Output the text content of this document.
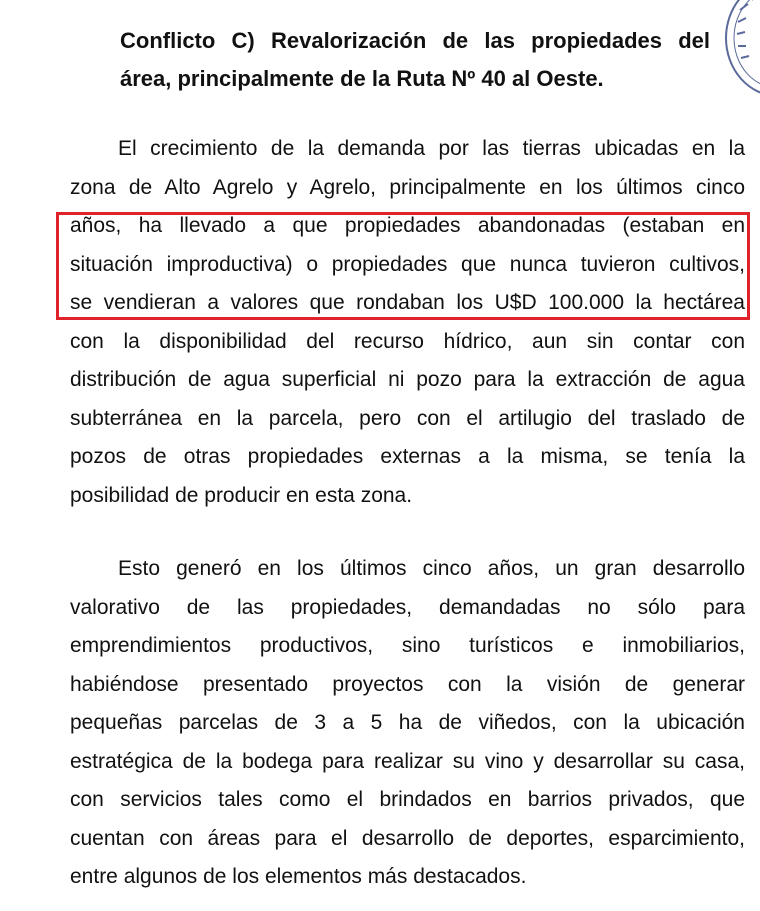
Conflicto C) Revalorización de las propiedades del
área, principalmente de la Ruta Nº 40 al Oeste.
El crecimiento de la demanda por las tierras ubicadas en la
zona de Alto Agrelo y Agrelo, principalmente en los últimos cinco
años, ha llevado a que propiedades abandonadas (estaban en
situación improductiva) o propiedades que nunca tuvieron cultivos,
se vendieran a valores que rondaban los U$D 100.000 la hectárea
con la disponibilidad del recurso hídrico, aun sin contar con
distribución de agua superficial ni pozo para la extracción de agua
subterránea en la parcela, pero con el artilugio del traslado de
pozos de otras propiedades externas a la misma, se tenía la
posibilidad de producir en esta zona.
Esto generó en los últimos cinco años, un gran desarrollo
valorativo de las propiedades, demandadas no sólo para
emprendimientos productivos, sino turísticos e inmobiliarios,
habiéndose presentado proyectos con la visión de generar
pequeñas parcelas de 3 a 5 ha de viñedos, con la ubicación
estratégica de la bodega para realizar su vino y desarrollar su casa,
con servicios tales como el brindados en barrios privados, que
cuentan con áreas para el desarrollo de deportes, esparcimiento,
entre algunos de los elementos más destacados.
